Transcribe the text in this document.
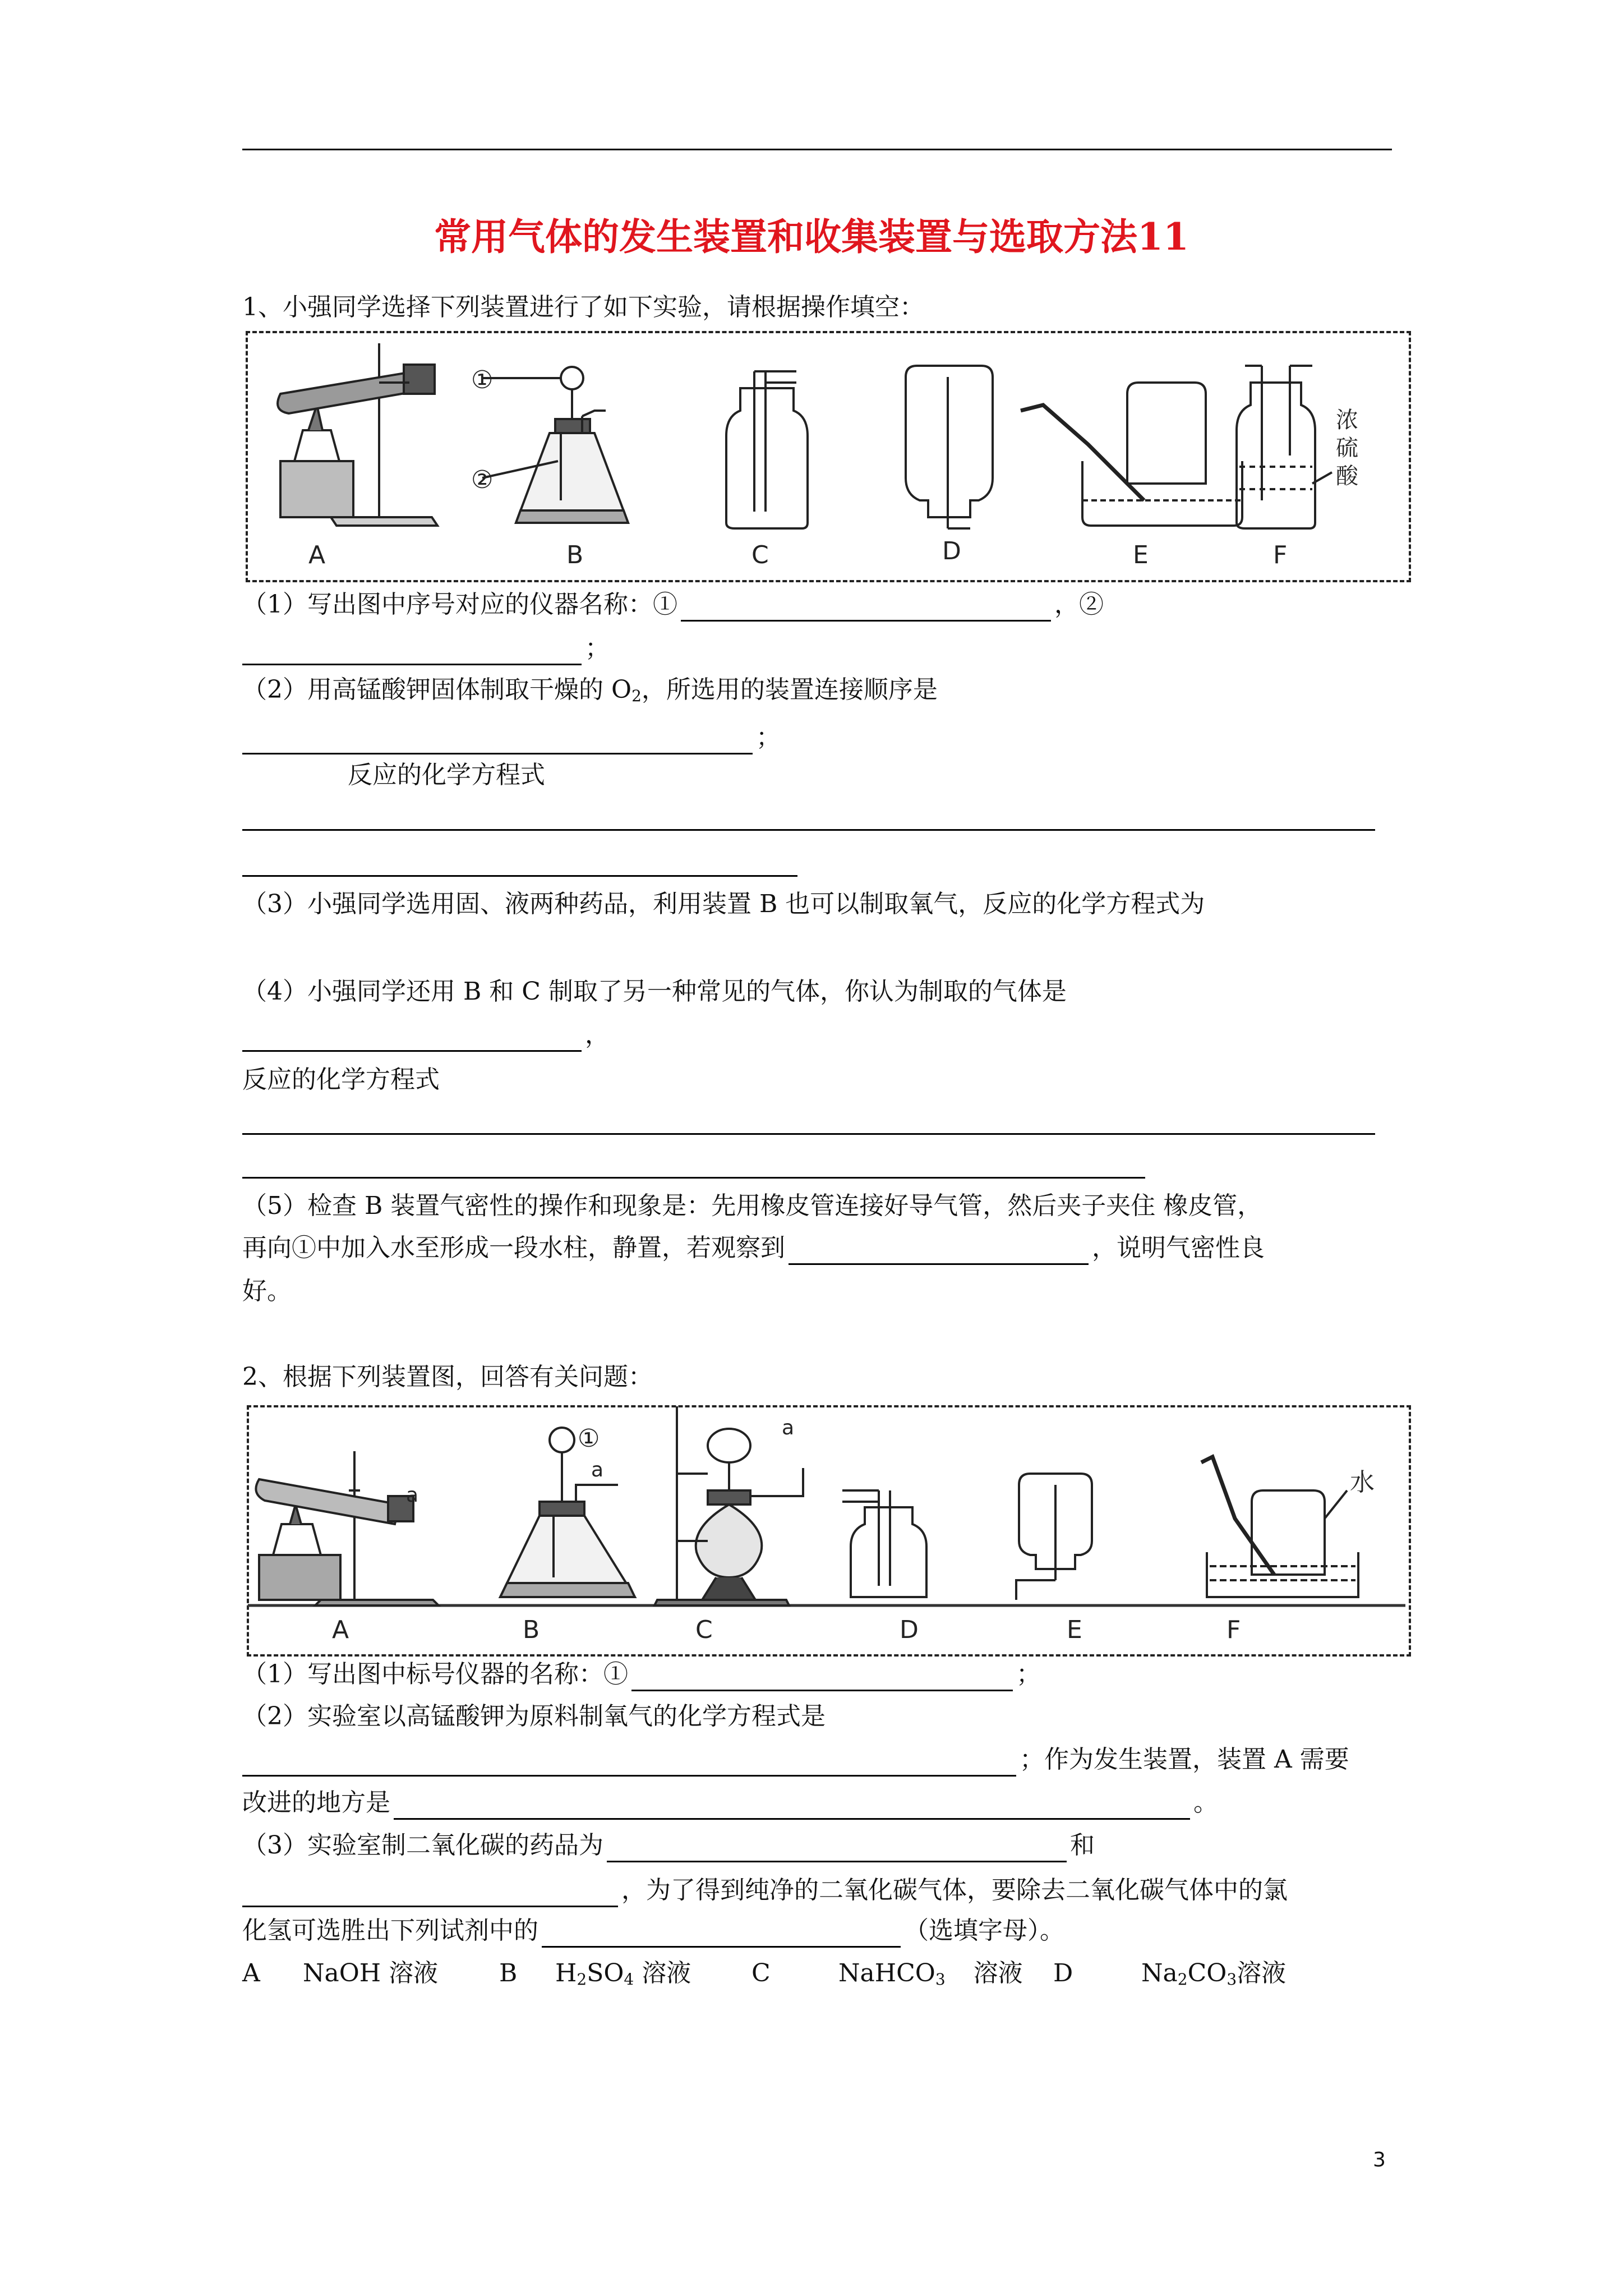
常用气体的发生装置和收集装置与选取方法11
1、小强同学选择下列装置进行了如下实验，请根据操作填空：
①
②
浓
硫
酸
A	B	C	D	E	F
（1）写出图中序号对应的仪器名称：①	，②
；
（2）用高锰酸钾固体制取干燥的 $O_2$，所选用的装置连接顺序是
；
反应的化学方程式
（3）小强同学选用固、液两种药品，利用装置 B 也可以制取氧气，反应的化学方程式为
（4）小强同学还用 B 和 C 制取了另一种常见的气体，你认为制取的气体是
，
反应的化学方程式
（5）检查 B 装置气密性的操作和现象是：先用橡皮管连接好导气管，然后夹子夹住 橡皮管，
再向①中加入水至形成一段水柱，静置，若观察到	，说明气密性良
好。
2、根据下列装置图，回答有关问题：
a
①
a
a
水
A	B	C	D	E	F
（1）写出图中标号仪器的名称：①	；
（2）实验室以高锰酸钾为原料制氧气的化学方程式是
；作为发生装置，装置 A 需要
改进的地方是	。
（3）实验室制二氧化碳的药品为	和
，为了得到纯净的二氧化碳气体，要除去二氧化碳气体中的氯
化氢可选胜出下列试剂中的	（选填字母）。
A NaOH 溶液 B $H_2SO_4$ 溶液 C	NaHCO$_3$ 溶液 D	$Na_2CO_3$溶液
3
